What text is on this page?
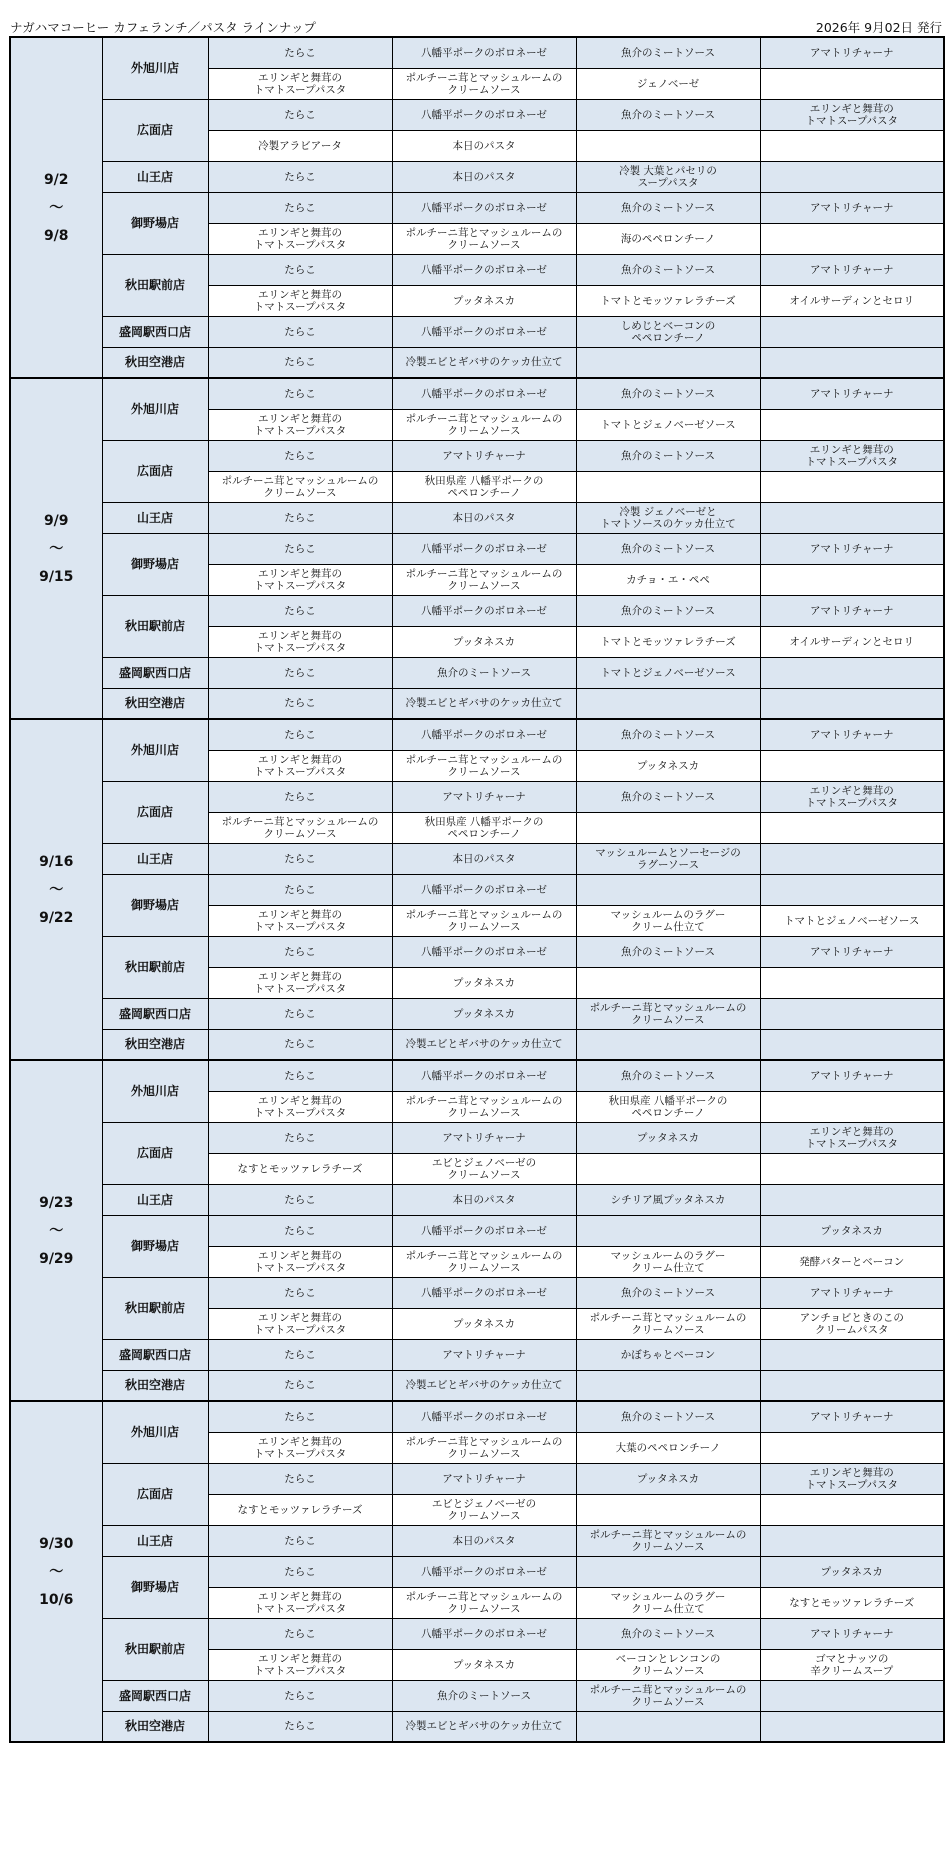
ナガハマコーヒー カフェランチ／パスタ ラインナップ	2026年 9月02日 発行
9/2
～
9/8	外旭川店	たらこ	八幡平ポークのボロネーゼ	魚介のミートソース	アマトリチャーナ

		エリンギと舞茸の
トマトスープパスタ	ポルチーニ茸とマッシュルームの
クリームソース	ジェノベーゼ	

	広面店	たらこ	八幡平ポークのボロネーゼ	魚介のミートソース	エリンギと舞茸の
トマトスープパスタ

		冷製アラビアータ	本日のパスタ		

	山王店	たらこ	本日のパスタ	冷製 大葉とパセリの
スープパスタ	

	御野場店	たらこ	八幡平ポークのボロネーゼ	魚介のミートソース	アマトリチャーナ

		エリンギと舞茸の
トマトスープパスタ	ポルチーニ茸とマッシュルームの
クリームソース	海のペペロンチーノ	

	秋田駅前店	たらこ	八幡平ポークのボロネーゼ	魚介のミートソース	アマトリチャーナ

		エリンギと舞茸の
トマトスープパスタ	プッタネスカ	トマトとモッツァレラチーズ	オイルサーディンとセロリ

	盛岡駅西口店	たらこ	八幡平ポークのボロネーゼ	しめじとベーコンの
ペペロンチーノ	

	秋田空港店	たらこ	冷製エビとギバサのケッカ仕立て		

9/9
～
9/15	外旭川店	たらこ	八幡平ポークのボロネーゼ	魚介のミートソース	アマトリチャーナ

		エリンギと舞茸の
トマトスープパスタ	ポルチーニ茸とマッシュルームの
クリームソース	トマトとジェノベーゼソース	

	広面店	たらこ	アマトリチャーナ	魚介のミートソース	エリンギと舞茸の
トマトスープパスタ

		ポルチーニ茸とマッシュルームの
クリームソース	秋田県産 八幡平ポークの
ペペロンチーノ		

	山王店	たらこ	本日のパスタ	冷製 ジェノベーゼと
トマトソースのケッカ仕立て	

	御野場店	たらこ	八幡平ポークのボロネーゼ	魚介のミートソース	アマトリチャーナ

		エリンギと舞茸の
トマトスープパスタ	ポルチーニ茸とマッシュルームの
クリームソース	カチョ・エ・ペペ	

	秋田駅前店	たらこ	八幡平ポークのボロネーゼ	魚介のミートソース	アマトリチャーナ

		エリンギと舞茸の
トマトスープパスタ	プッタネスカ	トマトとモッツァレラチーズ	オイルサーディンとセロリ

	盛岡駅西口店	たらこ	魚介のミートソース	トマトとジェノベーゼソース	

	秋田空港店	たらこ	冷製エビとギバサのケッカ仕立て		

9/16
～
9/22	外旭川店	たらこ	八幡平ポークのボロネーゼ	魚介のミートソース	アマトリチャーナ

		エリンギと舞茸の
トマトスープパスタ	ポルチーニ茸とマッシュルームの
クリームソース	プッタネスカ	

	広面店	たらこ	アマトリチャーナ	魚介のミートソース	エリンギと舞茸の
トマトスープパスタ

		ポルチーニ茸とマッシュルームの
クリームソース	秋田県産 八幡平ポークの
ペペロンチーノ		

	山王店	たらこ	本日のパスタ	マッシュルームとソーセージの
ラグーソース	

	御野場店	たらこ	八幡平ポークのボロネーゼ		

		エリンギと舞茸の
トマトスープパスタ	ポルチーニ茸とマッシュルームの
クリームソース	マッシュルームのラグー
クリーム仕立て	トマトとジェノベーゼソース

	秋田駅前店	たらこ	八幡平ポークのボロネーゼ	魚介のミートソース	アマトリチャーナ

		エリンギと舞茸の
トマトスープパスタ	プッタネスカ		

	盛岡駅西口店	たらこ	プッタネスカ	ポルチーニ茸とマッシュルームの
クリームソース	

	秋田空港店	たらこ	冷製エビとギバサのケッカ仕立て		

9/23
～
9/29	外旭川店	たらこ	八幡平ポークのボロネーゼ	魚介のミートソース	アマトリチャーナ

		エリンギと舞茸の
トマトスープパスタ	ポルチーニ茸とマッシュルームの
クリームソース	秋田県産 八幡平ポークの
ペペロンチーノ	

	広面店	たらこ	アマトリチャーナ	プッタネスカ	エリンギと舞茸の
トマトスープパスタ

		なすとモッツァレラチーズ	エビとジェノベーゼの
クリームソース		

	山王店	たらこ	本日のパスタ	シチリア風プッタネスカ	

	御野場店	たらこ	八幡平ポークのボロネーゼ		プッタネスカ

		エリンギと舞茸の
トマトスープパスタ	ポルチーニ茸とマッシュルームの
クリームソース	マッシュルームのラグー
クリーム仕立て	発酵バターとベーコン

	秋田駅前店	たらこ	八幡平ポークのボロネーゼ	魚介のミートソース	アマトリチャーナ

		エリンギと舞茸の
トマトスープパスタ	プッタネスカ	ポルチーニ茸とマッシュルームの
クリームソース	アンチョビときのこの
クリームパスタ

	盛岡駅西口店	たらこ	アマトリチャーナ	かぼちゃとベーコン	

	秋田空港店	たらこ	冷製エビとギバサのケッカ仕立て		

9/30
～
10/6	外旭川店	たらこ	八幡平ポークのボロネーゼ	魚介のミートソース	アマトリチャーナ

		エリンギと舞茸の
トマトスープパスタ	ポルチーニ茸とマッシュルームの
クリームソース	大葉のペペロンチーノ	

	広面店	たらこ	アマトリチャーナ	プッタネスカ	エリンギと舞茸の
トマトスープパスタ

		なすとモッツァレラチーズ	エビとジェノベーゼの
クリームソース		

	山王店	たらこ	本日のパスタ	ポルチーニ茸とマッシュルームの
クリームソース	

	御野場店	たらこ	八幡平ポークのボロネーゼ		プッタネスカ

		エリンギと舞茸の
トマトスープパスタ	ポルチーニ茸とマッシュルームの
クリームソース	マッシュルームのラグー
クリーム仕立て	なすとモッツァレラチーズ

	秋田駅前店	たらこ	八幡平ポークのボロネーゼ	魚介のミートソース	アマトリチャーナ

		エリンギと舞茸の
トマトスープパスタ	プッタネスカ	ベーコンとレンコンの
クリームソース	ゴマとナッツの
辛クリームスープ

	盛岡駅西口店	たらこ	魚介のミートソース	ポルチーニ茸とマッシュルームの
クリームソース	

	秋田空港店	たらこ	冷製エビとギバサのケッカ仕立て		
